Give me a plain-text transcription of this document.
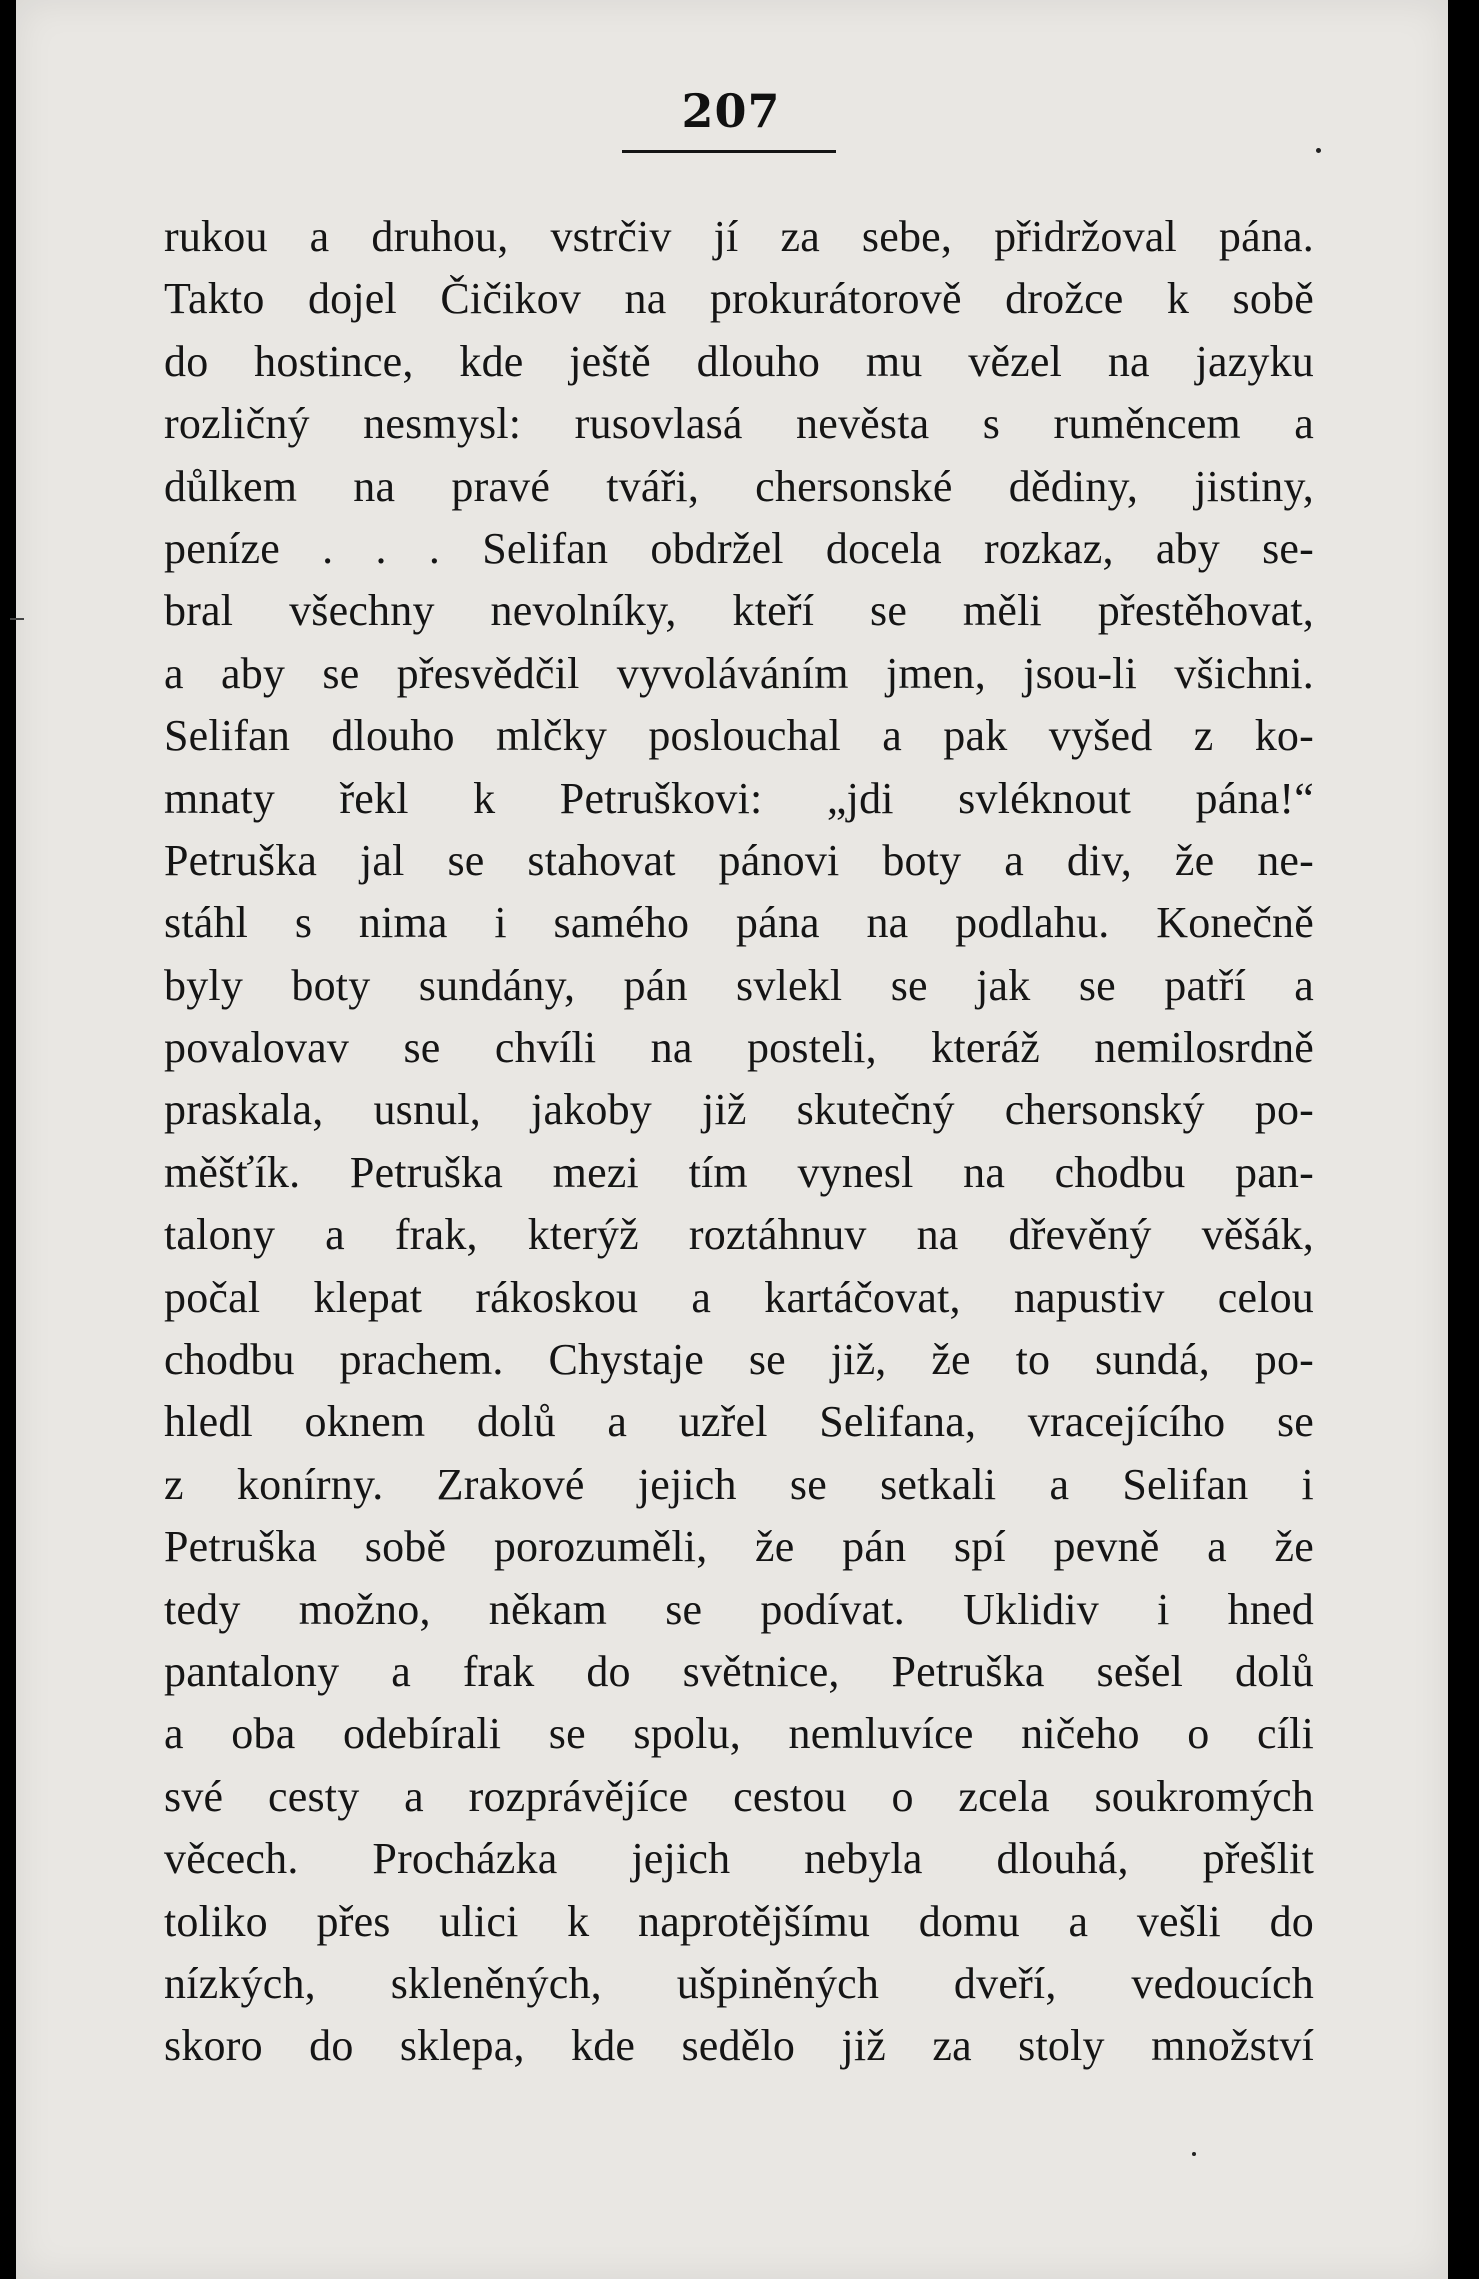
207
rukou a druhou, vstrčiv jí za sebe, přidržoval pána.
Takto dojel Čičikov na prokurátorově drožce k sobě
do hostince, kde ještě dlouho mu vězel na jazyku
rozličný nesmysl: rusovlasá nevěsta s ruměncem a
důlkem na pravé tváři, chersonské dědiny, jistiny,
peníze . . . Selifan obdržel docela rozkaz, aby se-
bral všechny nevolníky, kteří se měli přestěhovat,
a aby se přesvědčil vyvoláváním jmen, jsou-li všichni.
Selifan dlouho mlčky poslouchal a pak vyšed z ko-
mnaty řekl k Petruškovi: „jdi svléknout pána!“
Petruška jal se stahovat pánovi boty a div, že ne-
stáhl s nima i samého pána na podlahu. Konečně
byly boty sundány, pán svlekl se jak se patří a
povalovav se chvíli na posteli, kteráž nemilosrdně
praskala, usnul, jakoby již skutečný chersonský po-
měšťík. Petruška mezi tím vynesl na chodbu pan-
talony a frak, kterýž roztáhnuv na dřevěný věšák,
počal klepat rákoskou a kartáčovat, napustiv celou
chodbu prachem. Chystaje se již, že to sundá, po-
hledl oknem dolů a uzřel Selifana, vracejícího se
z konírny. Zrakové jejich se setkali a Selifan i
Petruška sobě porozuměli, že pán spí pevně a že
tedy možno, někam se podívat. Uklidiv i hned
pantalony a frak do světnice, Petruška sešel dolů
a oba odebírali se spolu, nemluvíce ničeho o cíli
své cesty a rozprávějíce cestou o zcela soukromých
věcech. Procházka jejich nebyla dlouhá, přešlit
toliko přes ulici k naprotějšímu domu a vešli do
nízkých, skleněných, ušpiněných dveří, vedoucích
skoro do sklepa, kde sedělo již za stoly množství
